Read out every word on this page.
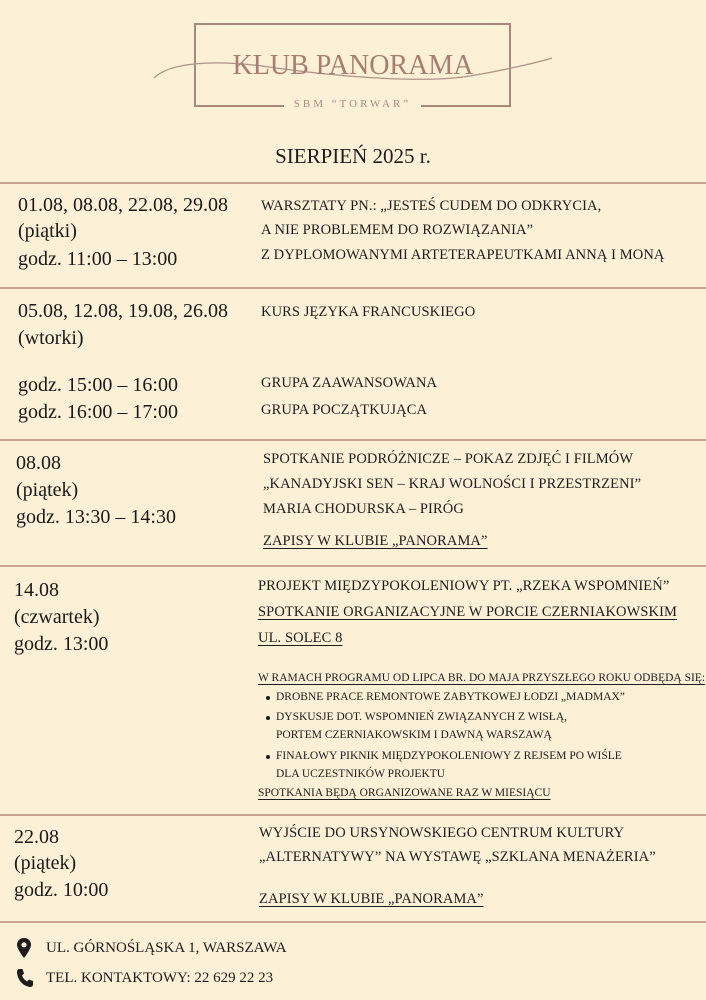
KLUB PANORAMA
SBM “TORWAR”
SIERPIEŃ 2025 r.
01.08, 08.08, 22.08, 29.08
(piątki)
godz. 11:00 – 13:00
WARSZTATY PN.: „JESTEŚ CUDEM DO ODKRYCIA,
A NIE PROBLEMEM DO ROZWIĄZANIA”
Z DYPLOMOWANYMI ARTETERAPEUTKAMI ANNĄ I MONĄ
05.08, 12.08, 19.08, 26.08
(wtorki)
KURS JĘZYKA FRANCUSKIEGO
godz. 15:00 – 16:00	GRUPA ZAAWANSOWANA
godz. 16:00 – 17:00	GRUPA POCZĄTKUJĄCA
08.08
(piątek)
godz. 13:30 – 14:30
SPOTKANIE PODRÓŻNICZE – POKAZ ZDJĘĆ I FILMÓW
„KANADYJSKI SEN – KRAJ WOLNOŚCI I PRZESTRZENI”
MARIA CHODURSKA – PIRÓG
ZAPISY W KLUBIE „PANORAMA”
14.08
(czwartek)
godz. 13:00
PROJEKT MIĘDZYPOKOLENIOWY PT. „RZEKA WSPOMNIEŃ”
SPOTKANIE ORGANIZACYJNE W PORCIE CZERNIAKOWSKIM
UL. SOLEC 8
W RAMACH PROGRAMU OD LIPCA BR. DO MAJA PRZYSZŁEGO ROKU ODBĘDĄ SIĘ:
DROBNE PRACE REMONTOWE ZABYTKOWEJ ŁODZI „MADMAX”
DYSKUSJE DOT. WSPOMNIEŃ ZWIĄZANYCH Z WISŁĄ,
PORTEM CZERNIAKOWSKIM I DAWNĄ WARSZAWĄ
FINAŁOWY PIKNIK MIĘDZYPOKOLENIOWY Z REJSEM PO WIŚLE
DLA UCZESTNIKÓW PROJEKTU
SPOTKANIA BĘDĄ ORGANIZOWANE RAZ W MIESIĄCU
22.08
(piątek)
godz. 10:00
WYJŚCIE DO URSYNOWSKIEGO CENTRUM KULTURY
„ALTERNATYWY” NA WYSTAWĘ „SZKLANA MENAŻERIA”
ZAPISY W KLUBIE „PANORAMA”
UL. GÓRNOŚLĄSKA 1, WARSZAWA
TEL. KONTAKTOWY: 22 629 22 23
